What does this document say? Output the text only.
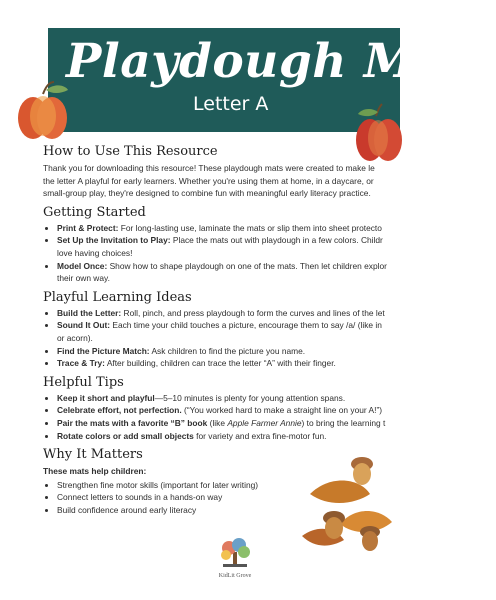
Playdough Mats
Letter A
How to Use This Resource

Thank you for downloading this resource! These playdough mats were created to make le

the letter A playful for early learners. Whether you're using them at home, in a daycare, or

small-group play, they're designed to combine fun with meaningful early literacy practice.

Getting Started
• Print & Protect: For long-lasting use, laminate the mats or slip them into sheet protecto
• Set Up the Invitation to Play: Place the mats out with playdough in a few colors. Childr
love having choices!
• Model Once: Show how to shape playdough on one of the mats. Then let children explor
their own way.
Playful Learning Ideas
• Build the Letter: Roll, pinch, and press playdough to form the curves and lines of the let
• Sound It Out: Each time your child touches a picture, encourage them to say /a/ (like in
or acorn).
• Find the Picture Match: Ask children to find the picture you name.
• Trace & Try: After building, children can trace the letter “A” with their finger.
Helpful Tips
• Keep it short and playful—5–10 minutes is plenty for young attention spans.
• Celebrate effort, not perfection. (“You worked hard to make a straight line on your A!”)
• Pair the mats with a favorite “B” book (like Apple Farmer Annie) to bring the learning t
• Rotate colors or add small objects for variety and extra fine-motor fun.
Why It Matters

These mats help children:

• Strengthen fine motor skills (important for later writing)
• Connect letters to sounds in a hands-on way
• Build confidence around early literacy
KidLit Grove
